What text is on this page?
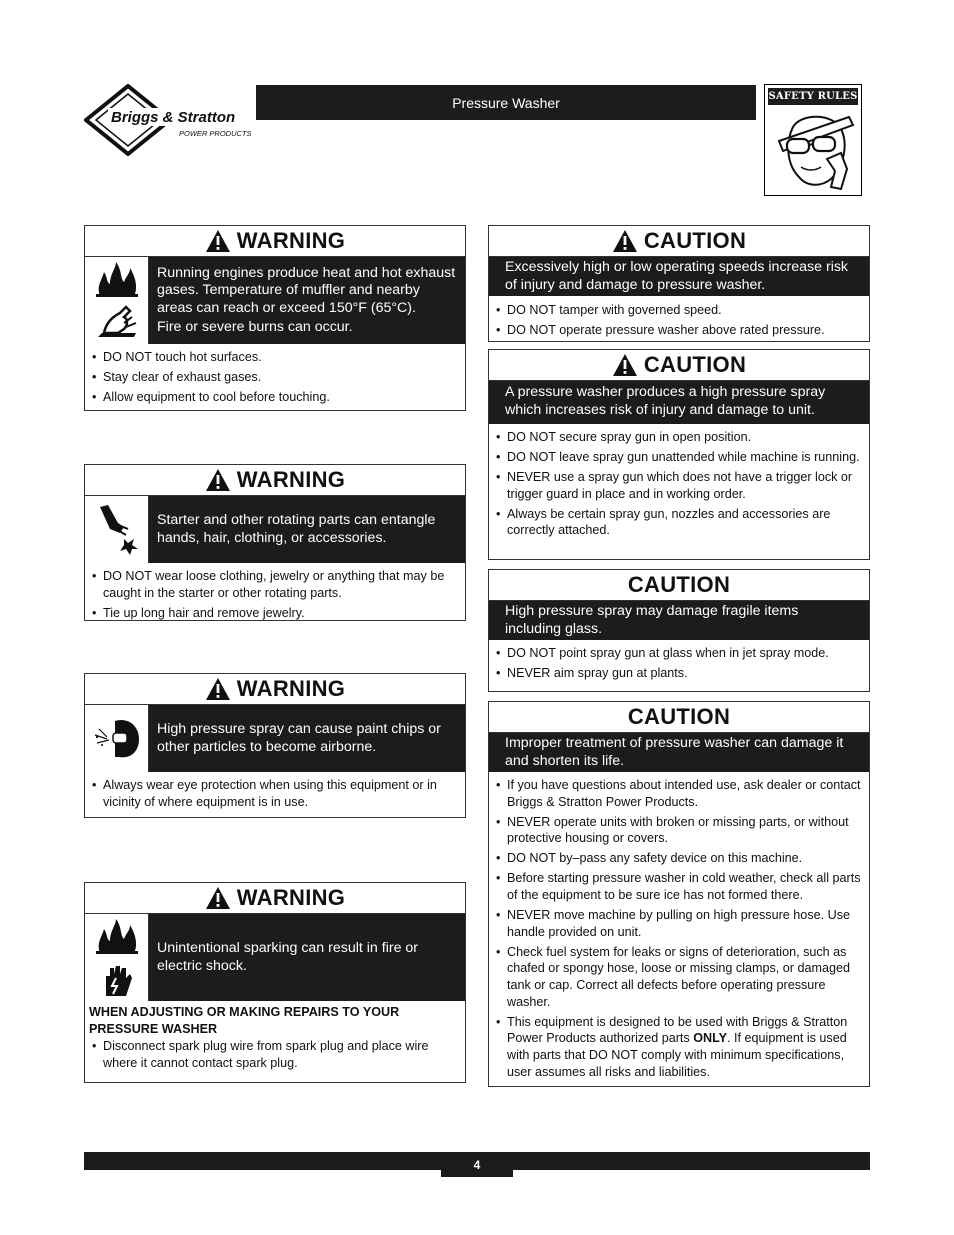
Briggs & Stratton
POWER PRODUCTS
Pressure Washer	SAFETY RULES
WARNING

Running engines produce heat and hot exhaust gases. Temperature of muffler and nearby areas can reach or exceed 150°F (65°C).

Fire or severe burns can occur.

• DO NOT touch hot surfaces.
• Stay clear of exhaust gases.
• Allow equipment to cool before touching.
WARNING

Starter and other rotating parts can entangle hands, hair, clothing, or accessories.

• DO NOT wear loose clothing, jewelry or anything that may be caught in the starter or other rotating parts.
• Tie up long hair and remove jewelry.
WARNING

High pressure spray can cause paint chips or other particles to become airborne.

• Always wear eye protection when using this equipment or in vicinity of where equipment is in use.
WARNING

Unintentional sparking can result in fire or electric shock.

WHEN ADJUSTING OR MAKING REPAIRS TO YOUR PRESSURE WASHER
• Disconnect spark plug wire from spark plug and place wire where it cannot contact spark plug.
CAUTION

Excessively high or low operating speeds increase risk of injury and damage to pressure washer.

• DO NOT tamper with governed speed.
• DO NOT operate pressure washer above rated pressure.
CAUTION

A pressure washer produces a high pressure spray which increases risk of injury and damage to unit.

• DO NOT secure spray gun in open position.
• DO NOT leave spray gun unattended while machine is running.
• NEVER use a spray gun which does not have a trigger lock or trigger guard in place and in working order.
• Always be certain spray gun, nozzles and accessories are correctly attached.
CAUTION

High pressure spray may damage fragile items including glass.

• DO NOT point spray gun at glass when in jet spray mode.
• NEVER aim spray gun at plants.
CAUTION

Improper treatment of pressure washer can damage it and shorten its life.

• If you have questions about intended use, ask dealer or contact Briggs & Stratton Power Products.
• NEVER operate units with broken or missing parts, or without protective housing or covers.
• DO NOT by–pass any safety device on this machine.
• Before starting pressure washer in cold weather, check all parts of the equipment to be sure ice has not formed there.
• NEVER move machine by pulling on high pressure hose. Use handle provided on unit.
• Check fuel system for leaks or signs of deterioration, such as chafed or spongy hose, loose or missing clamps, or damaged tank or cap. Correct all defects before operating pressure washer.
• This equipment is designed to be used with Briggs & Stratton Power Products authorized parts ONLY. If equipment is used with parts that DO NOT comply with minimum specifications, user assumes all risks and liabilities.
4
